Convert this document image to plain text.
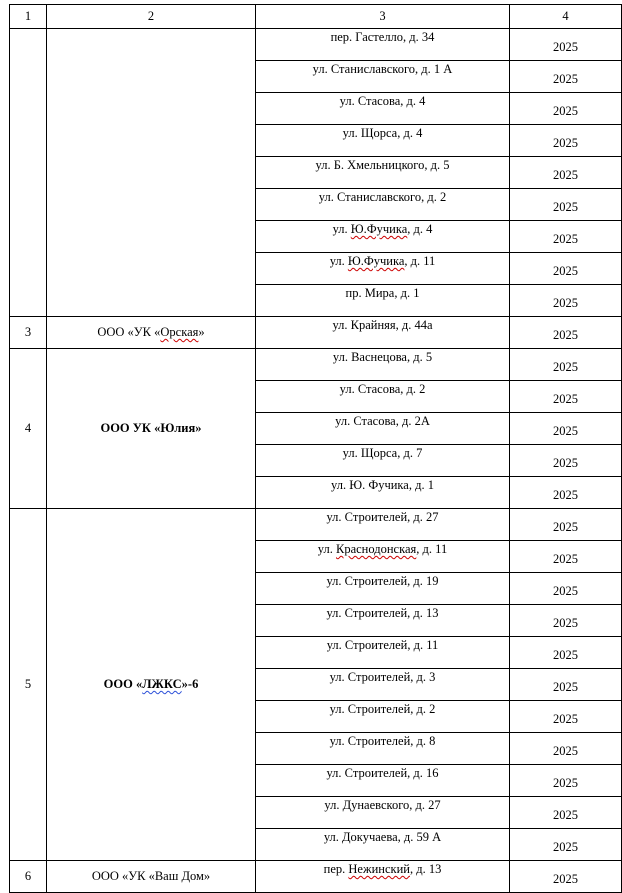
1	2	3	4
		пер. Гастелло, д. 34	2025
		ул. Станиславского, д. 1 А	2025
		ул. Стасова, д. 4	2025
		ул. Щорса, д. 4	2025
		ул. Б. Хмельницкого, д. 5	2025
		ул. Станиславского, д. 2	2025
		ул. Ю.Фучика, д. 4	2025
		ул. Ю.Фучика, д. 11	2025
		пр. Мира, д. 1	2025
3	ООО «УК «Орская»	ул. Крайняя, д. 44а	2025
4	ООО УК «Юлия»	ул. Васнецова, д. 5	2025
		ул. Стасова, д. 2	2025
		ул. Стасова, д. 2А	2025
		ул. Щорса, д. 7	2025
		ул. Ю. Фучика, д. 1	2025
5	ООО «ЛЖКС»-6	ул. Строителей, д. 27	2025
		ул. Краснодонская, д. 11	2025
		ул. Строителей, д. 19	2025
		ул. Строителей, д. 13	2025
		ул. Строителей, д. 11	2025
		ул. Строителей, д. 3	2025
		ул. Строителей, д. 2	2025
		ул. Строителей, д. 8	2025
		ул. Строителей, д. 16	2025
		ул. Дунаевского, д. 27	2025
		ул. Докучаева, д. 59 А	2025
6	ООО «УК «Ваш Дом»	пер. Нежинский, д. 13	2025
